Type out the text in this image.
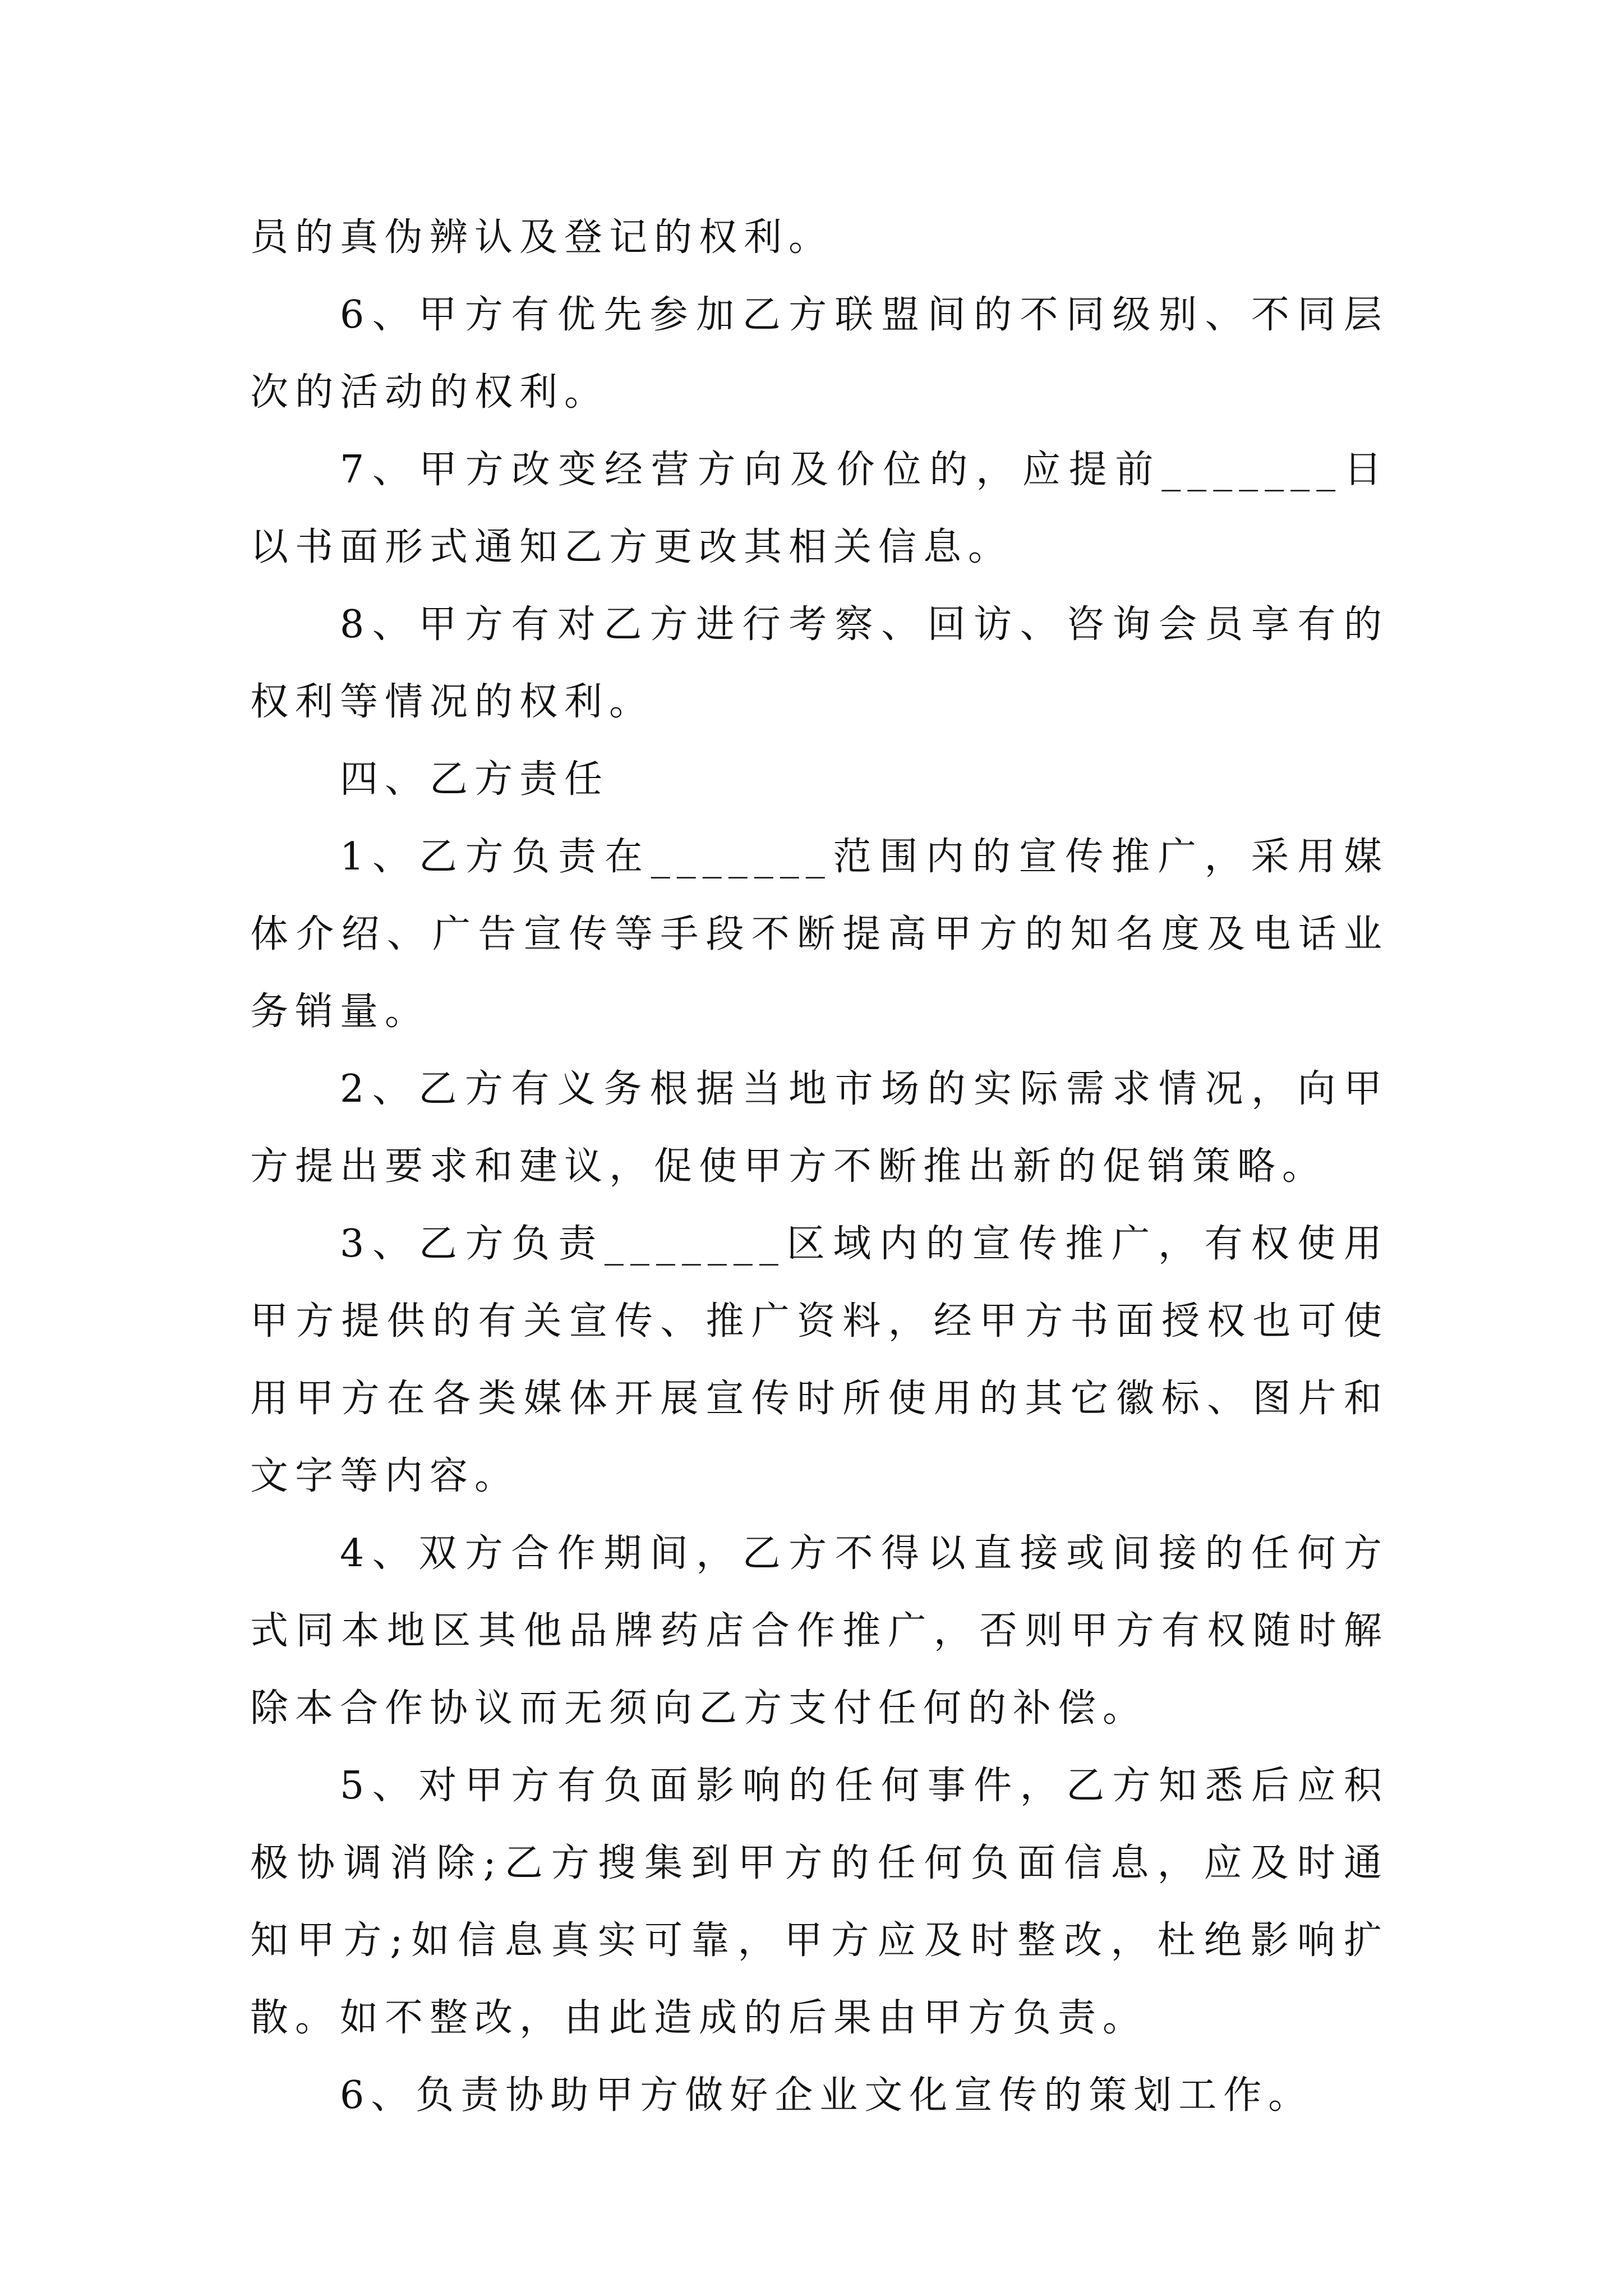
员的真伪辨认及登记的权利。

6、甲方有优先参加乙方联盟间的不同级别、不同层次的活动的权利。

7、甲方改变经营方向及价位的，应提前_______日以书面形式通知乙方更改其相关信息。

8、甲方有对乙方进行考察、回访、咨询会员享有的权利等情况的权利。

四、乙方责任

1、乙方负责在_______范围内的宣传推广，采用媒体介绍、广告宣传等手段不断提高甲方的知名度及电话业务销量。

2、乙方有义务根据当地市场的实际需求情况，向甲方提出要求和建议，促使甲方不断推出新的促销策略。

3、乙方负责_______区域内的宣传推广，有权使用甲方提供的有关宣传、推广资料，经甲方书面授权也可使用甲方在各类媒体开展宣传时所使用的其它徽标、图片和文字等内容。

4、双方合作期间，乙方不得以直接或间接的任何方式同本地区其他品牌药店合作推广，否则甲方有权随时解除本合作协议而无须向乙方支付任何的补偿。

5、对甲方有负面影响的任何事件，乙方知悉后应积极协调消除;乙方搜集到甲方的任何负面信息，应及时通知甲方;如信息真实可靠，甲方应及时整改，杜绝影响扩散。如不整改，由此造成的后果由甲方负责。

6、负责协助甲方做好企业文化宣传的策划工作。
